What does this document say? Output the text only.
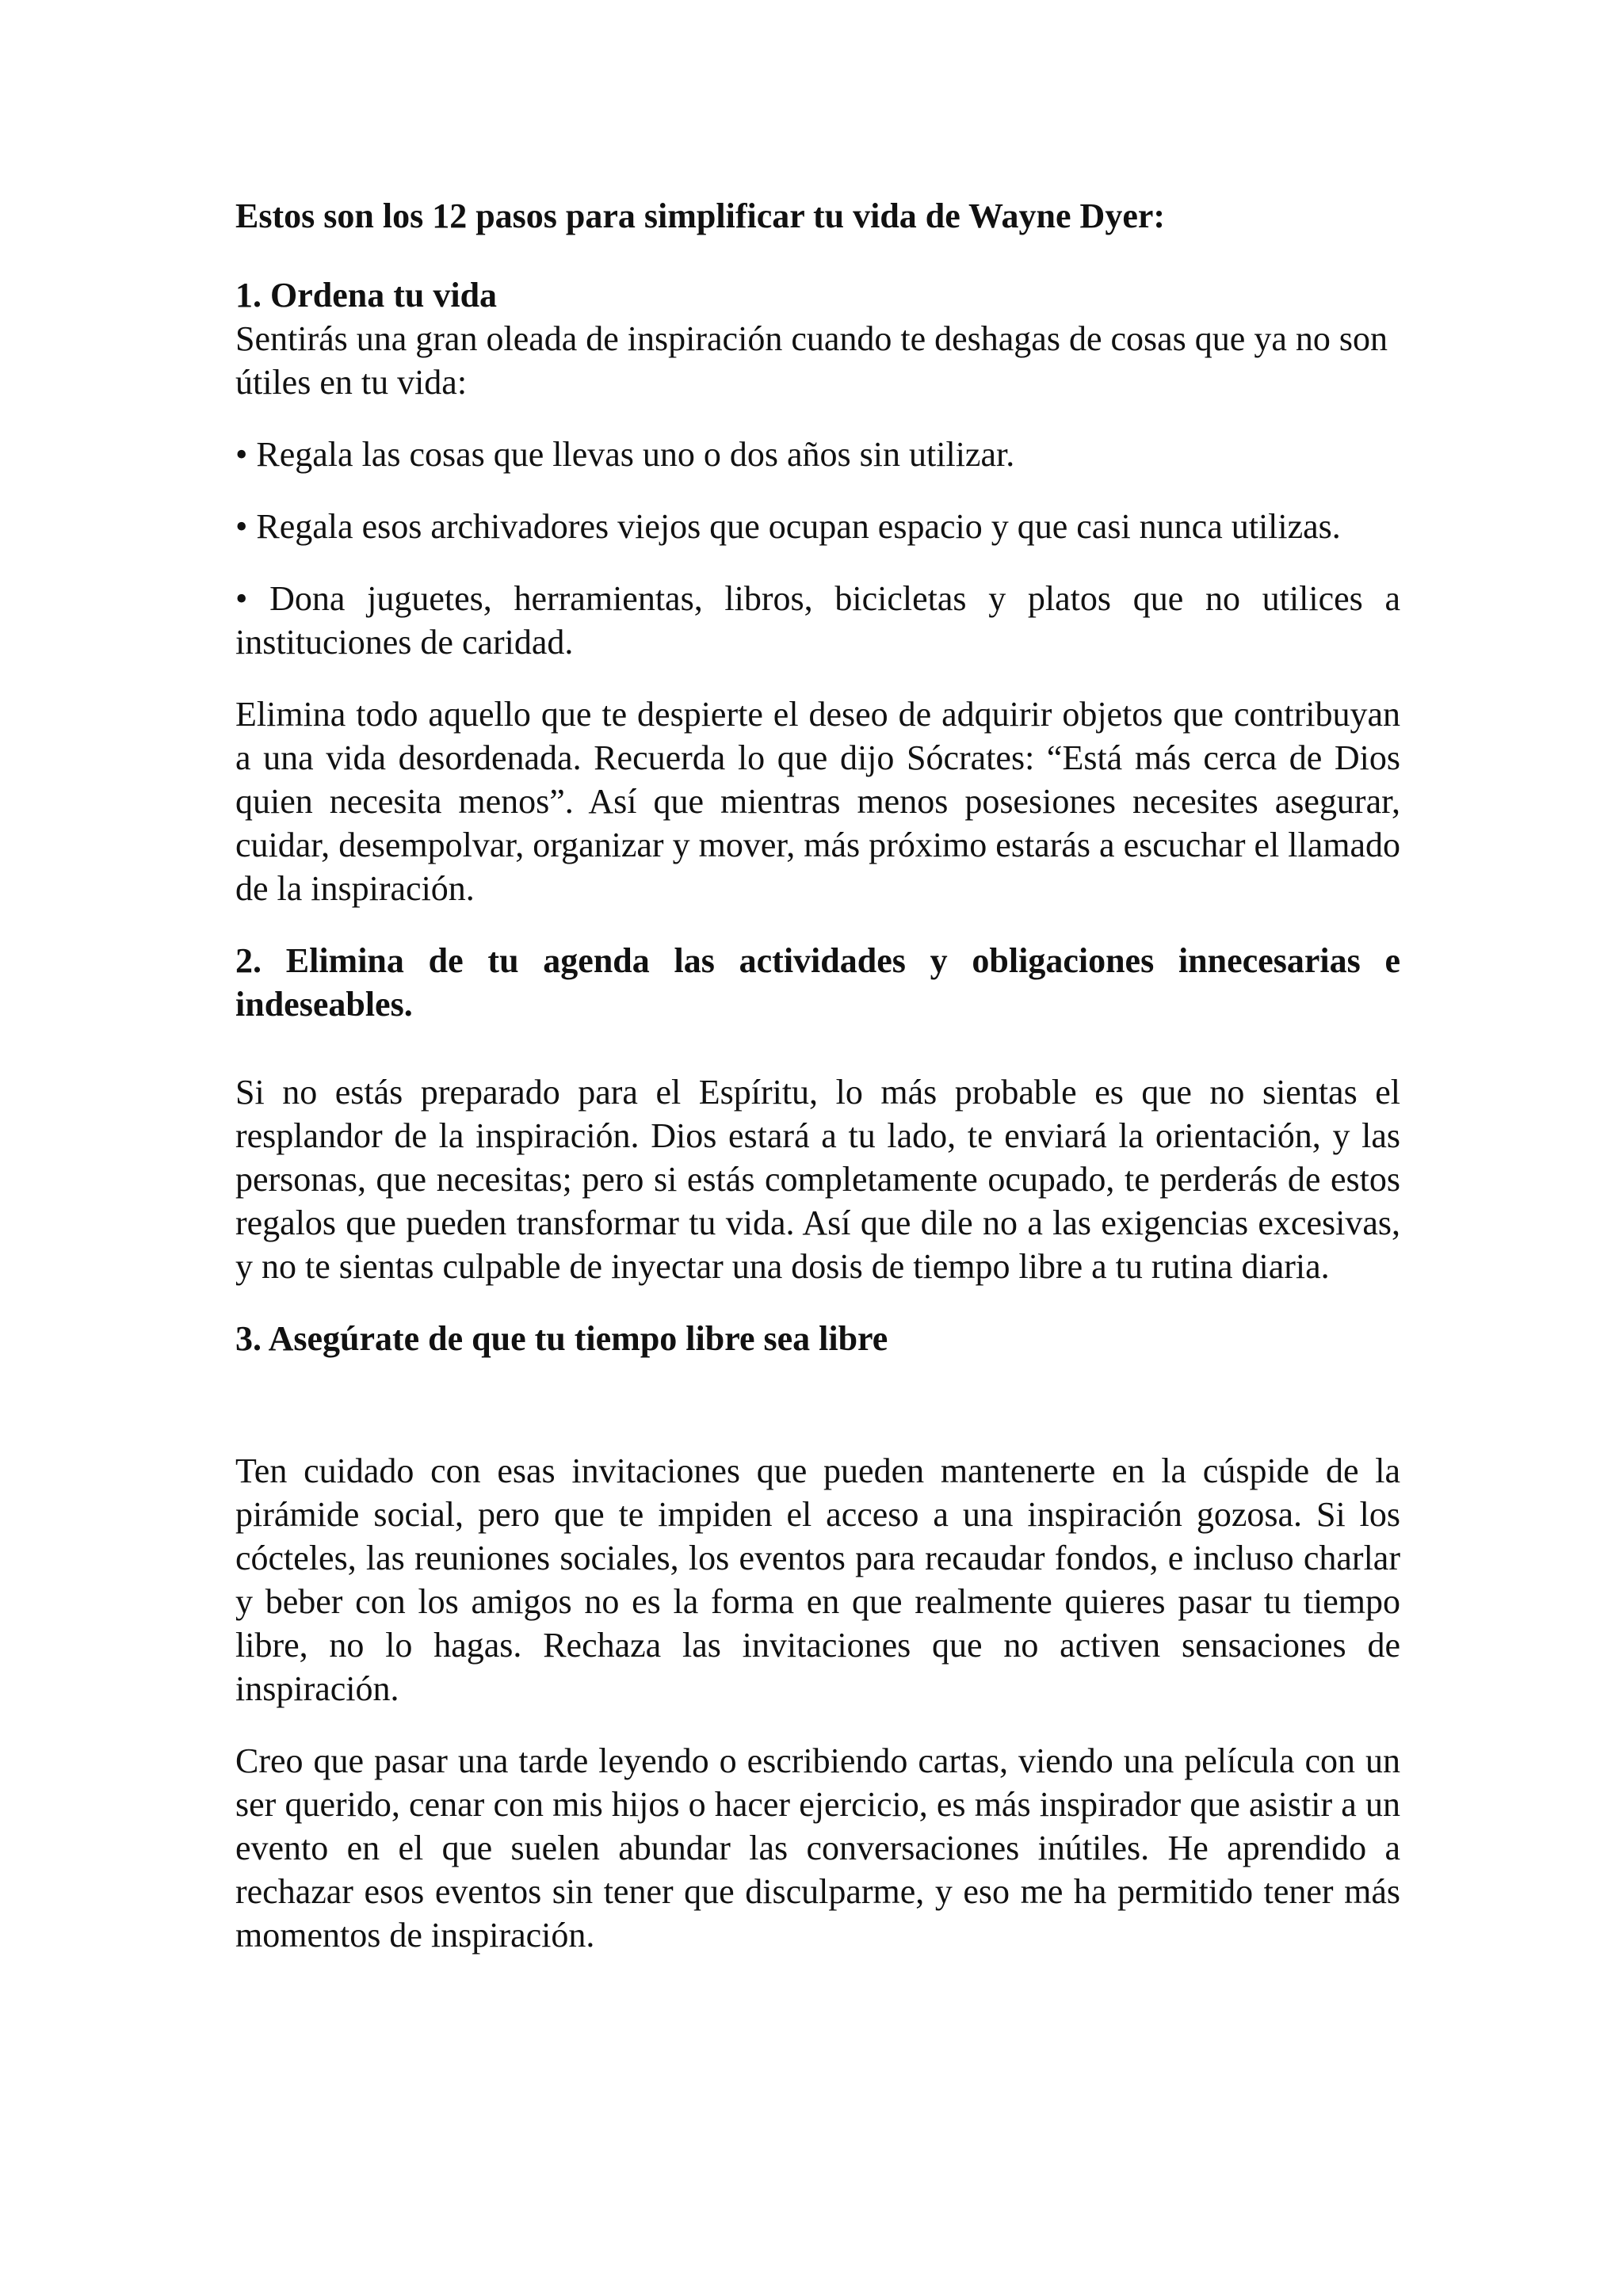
Estos son los 12 pasos para simplificar tu vida de Wayne Dyer:

1. Ordena tu vida

Sentirás una gran oleada de inspiración cuando te deshagas de cosas que ya no son útiles en tu vida:

• Regala las cosas que llevas uno o dos años sin utilizar.

• Regala esos archivadores viejos que ocupan espacio y que casi nunca utilizas.

• Dona juguetes, herramientas, libros, bicicletas y platos que no utilices a instituciones de caridad.

Elimina todo aquello que te despierte el deseo de adquirir objetos que contribuyan a una vida desordenada. Recuerda lo que dijo Sócrates: “Está más cerca de Dios quien necesita menos”. Así que mientras menos posesiones necesites asegurar, cuidar, desempolvar, organizar y mover, más próximo estarás a escuchar el llamado de la inspiración.

2. Elimina de tu agenda las actividades y obligaciones innecesarias e indeseables.

Si no estás preparado para el Espíritu, lo más probable es que no sientas el resplandor de la inspiración. Dios estará a tu lado, te enviará la orientación, y las personas, que necesitas; pero si estás completamente ocupado, te perderás de estos regalos que pueden transformar tu vida. Así que dile no a las exigencias excesivas, y no te sientas culpable de inyectar una dosis de tiempo libre a tu rutina diaria.

3. Asegúrate de que tu tiempo libre sea libre

Ten cuidado con esas invitaciones que pueden mantenerte en la cúspide de la pirámide social, pero que te impiden el acceso a una inspiración gozosa. Si los cócteles, las reuniones sociales, los eventos para recaudar fondos, e incluso charlar y beber con los amigos no es la forma en que realmente quieres pasar tu tiempo libre, no lo hagas. Rechaza las invitaciones que no activen sensaciones de inspiración.

Creo que pasar una tarde leyendo o escribiendo cartas, viendo una película con un ser querido, cenar con mis hijos o hacer ejercicio, es más inspirador que asistir a un evento en el que suelen abundar las conversaciones inútiles. He aprendido a rechazar esos eventos sin tener que disculparme, y eso me ha permitido tener más momentos de inspiración.
